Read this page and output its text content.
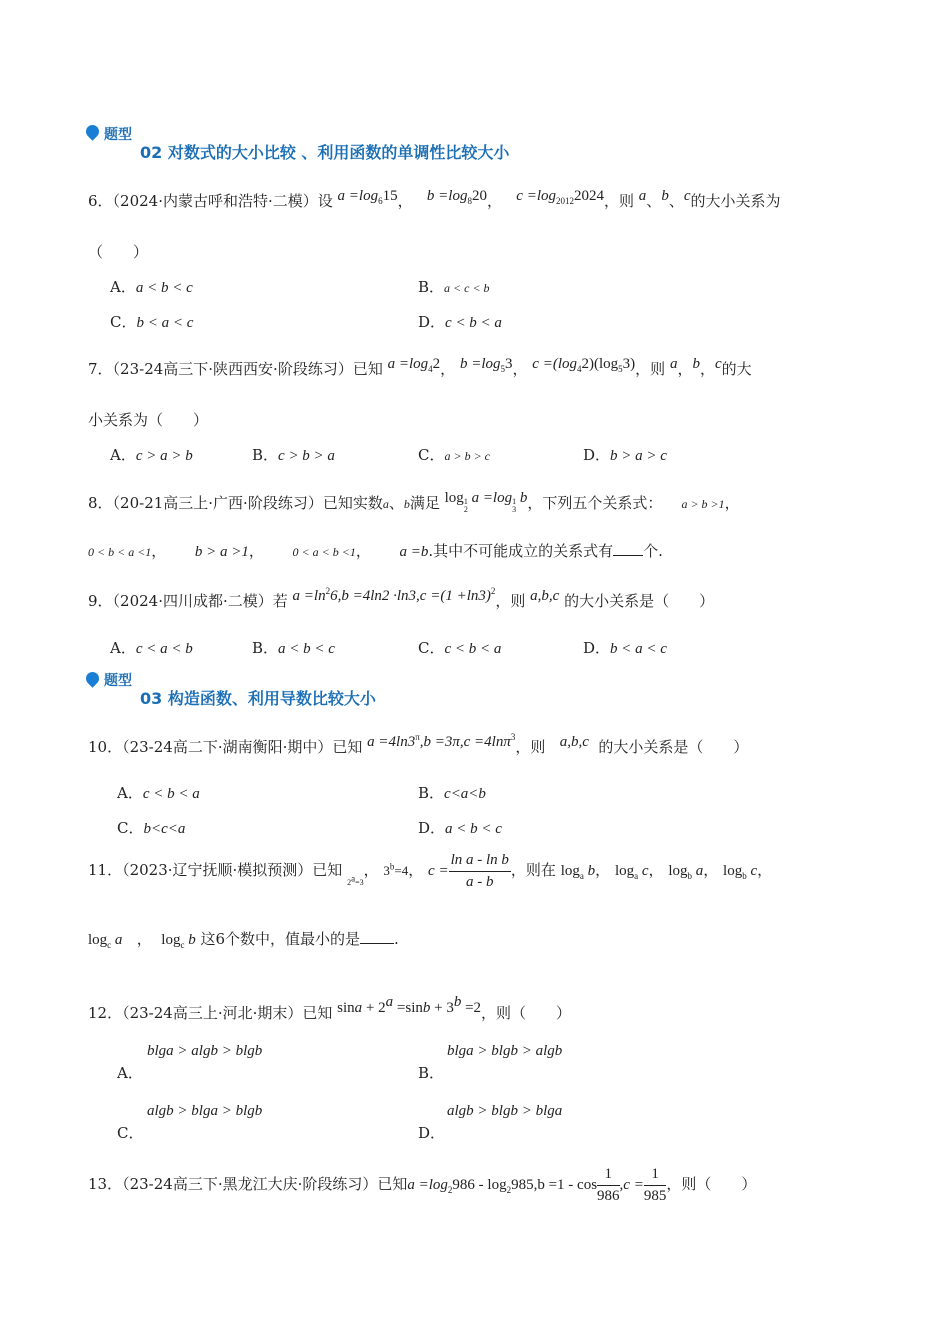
题型
02 对数式的大小比较 、利用函数的单调性比较大小
6．（2024·内蒙古呼和浩特·二模）设 $a =\log_615$， $b =\log_820$， $c =\log_{2012}2024$，则 a、b、c的大小关系为
（　　）
A．a < b < c	B．a < c < b
C．b < a < c	D．c < b < a
7．（23-24高三下·陕西西安·阶段练习）已知 $a =\log_42$， $b =\log_53$， $c =(\log_42)(\log_53)$，则 a，b，c的大
小关系为（　　）
A．c > a > b	B．c > b > a	C．a > b > c	D．b > a > c
8．（20-21高三上·广西·阶段练习）已知实数a、b满足 log 1
2
a =log 1
3
b，下列五个关系式： a > b >1，
0 < b < a <1， b > a >1， 0 < a < b <1， a =b.其中不可能成立的关系式有 个.
9．（2024·四川成都·二模）若 $a =\ln^26,b =4\ln 2 \cdot\ln 3,c =(1 +\ln 3)^2$，则 a,b,c 的大小关系是（　　）
A．c < a < b	B．a < b < c	C．c < b < a	D．b < a < c
题型
03 构造函数、利用导数比较大小
10．（23-24高二下·湖南衡阳·期中）已知 $a =4\ln 3^\pi,b =3\pi,c =4\ln\pi^3$，则 a,b,c 的大小关系是（　　）
A．c < b < a	B．c<a<b
C．b<c<a	D．a < b < c
11．（2023·辽宁抚顺·模拟预测）已知 $_{2^a=3}$， $3^b=4$， $c = \frac{\text{ln a - ln b}}{a - b}$ ，则在 $\log_a b$， $\log_a c$， $\log_b a$， $\log_b c$，
$\log_c a$ ， $\log_c b$ 这6个数中，值最小的是 .
12．（23-24高三上·河北·期末）已知 $\sin a + 2^a =\sin b + 3^b =2$，则（　　）
A．
blga > algb > blgb
B．
blga > blgb > algb
C．
algb > blga > blgb
D．
algb > blgb > blga
13．（23-24高三下·黑龙江大庆·阶段练习）已知$a =\log_2986 - \log_2985,b =1 - \cos \frac{1}{986} ,c = \frac{1}{985}$ ，则（　　）
